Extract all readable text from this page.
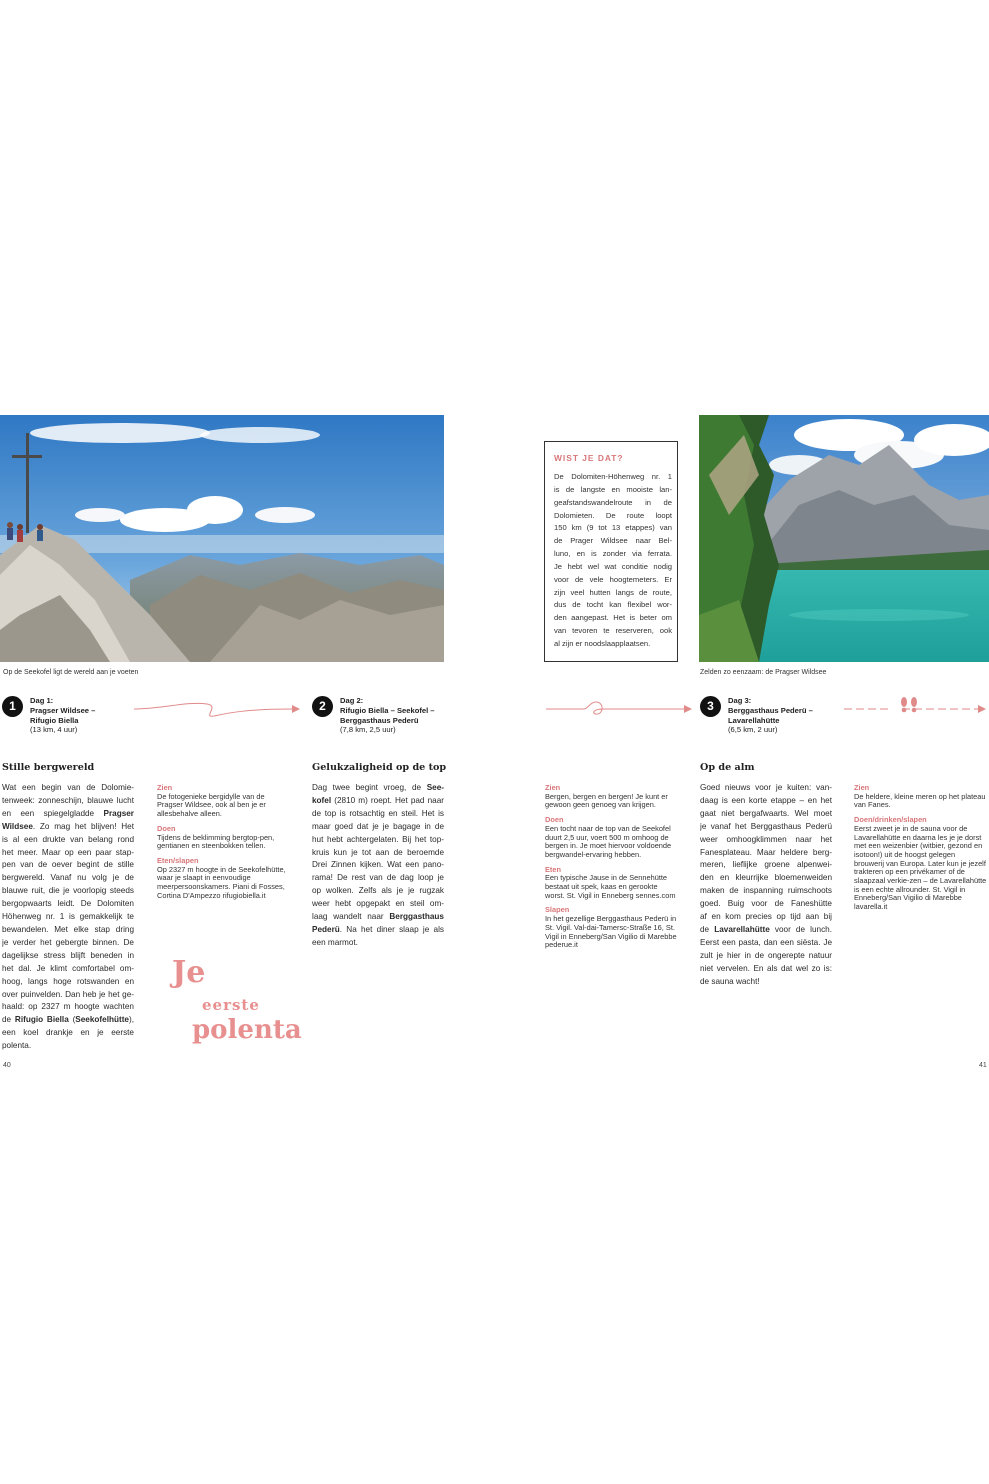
Op de Seekofel ligt de wereld aan je voeten
1	Dag 1:
Pragser Wildsee –
Rifugio Biella
(13 km, 4 uur)
2	Dag 2:
Rifugio Biella – Seekofel –
Berggasthaus Pederü
(7,8 km, 2,5 uur)
Stille bergwereld
Wat een begin van de Dolomie-
tenweek: zonneschijn, blauwe lucht
en een spiegelgladde Pragser
Wildsee. Zo mag het blijven! Het
is al een drukte van belang rond
het meer. Maar op een paar stap-
pen van de oever begint de stille
bergwereld. Vanaf nu volg je de
blauwe ruit, die je voorlopig steeds
bergopwaarts leidt. De Dolomiten
Höhenweg nr. 1 is gemakkelijk te
bewandelen. Met elke stap dring
je verder het gebergte binnen. De
dagelijkse stress blijft beneden in
het dal. Je klimt comfortabel om-
hoog, langs hoge rotswanden en
over puinvelden. Dan heb je het ge-
haald: op 2327 m hoogte wachten
de Rifugio Biella (Seekofelhütte),
een koel drankje en je eerste
polenta.
Zien
De fotogenieke bergidylle van de Pragser Wildsee, ook al ben je er allesbehalve alleen.
Doen
Tijdens de beklimming bergtop-pen, gentianen en steenbokken tellen.
Eten/slapen
Op 2327 m hoogte in de Seekofelhütte, waar je slaapt in eenvoudige meerpersoonskamers. Piani di Fosses, Cortina D'Ampezzo rifugiobiella.it
Je
eerste
polenta
Gelukzaligheid op de top
Dag twee begint vroeg, de See-
kofel (2810 m) roept. Het pad naar
de top is rotsachtig en steil. Het is
maar goed dat je je bagage in de
hut hebt achtergelaten. Bij het top-
kruis kun je tot aan de beroemde
Drei Zinnen kijken. Wat een pano-
rama! De rest van de dag loop je
op wolken. Zelfs als je je rugzak
weer hebt opgepakt en steil om-
laag wandelt naar Berggasthaus
Pederü. Na het diner slaap je als
een marmot.
40
WIST JE DAT?
De Dolomiten-Höhenweg nr. 1
is de langste en mooiste lan-
geafstandswandelroute in de
Dolomieten. De route loopt
150 km (9 tot 13 etappes) van
de Prager Wildsee naar Bel-
luno, en is zonder via ferrata.
Je hebt wel wat conditie nodig
voor de vele hoogtemeters. Er
zijn veel hutten langs de route,
dus de tocht kan flexibel wor-
den aangepast. Het is beter om
van tevoren te reserveren, ook
al zijn er noodslaapplaatsen.
Zelden zo eenzaam: de Pragser Wildsee
3	Dag 3:
Berggasthaus Pederü –
Lavarellahütte
(6,5 km, 2 uur)
Zien
Bergen, bergen en bergen! Je kunt er gewoon geen genoeg van krijgen.
Doen
Een tocht naar de top van de Seekofel duurt 2,5 uur, voert 500 m omhoog de bergen in. Je moet hiervoor voldoende bergwandel-ervaring hebben.
Eten
Een typische Jause in de Sennehütte bestaat uit spek, kaas en gerookte worst. St. Vigil in Enneberg sennes.com
Slapen
In het gezellige Berggasthaus Pederü in St. Vigil. Val-dai-Tamersc-Straße 16, St. Vigil in Enneberg/San Vigilio di Marebbe pederue.it
Op de alm
Goed nieuws voor je kuiten: van-
daag is een korte etappe – en het
gaat niet bergafwaarts. Wel moet
je vanaf het Berggasthaus Pederü
weer omhoogklimmen naar het
Fanesplateau. Maar heldere berg-
meren, lieflijke groene alpenwei-
den en kleurrijke bloemenweiden
maken de inspanning ruimschoots
goed. Buig voor de Faneshütte
af en kom precies op tijd aan bij
de Lavarellahütte voor de lunch.
Eerst een pasta, dan een siësta. Je
zult je hier in de ongerepte natuur
niet vervelen. En als dat wel zo is:
de sauna wacht!
Zien
De heldere, kleine meren op het plateau van Fanes.
Doen/drinken/slapen
Eerst zweet je in de sauna voor de Lavarellahütte en daarna les je je dorst met een weizenbier (witbier, gezond en isotoon!) uit de hoogst gelegen brouwerij van Europa. Later kun je jezelf trakteren op een privékamer of de slaapzaal verkie-zen – de Lavarellahütte is een echte allrounder. St. Vigil in Enneberg/San Vigilio di Marebbe lavarella.it
41
